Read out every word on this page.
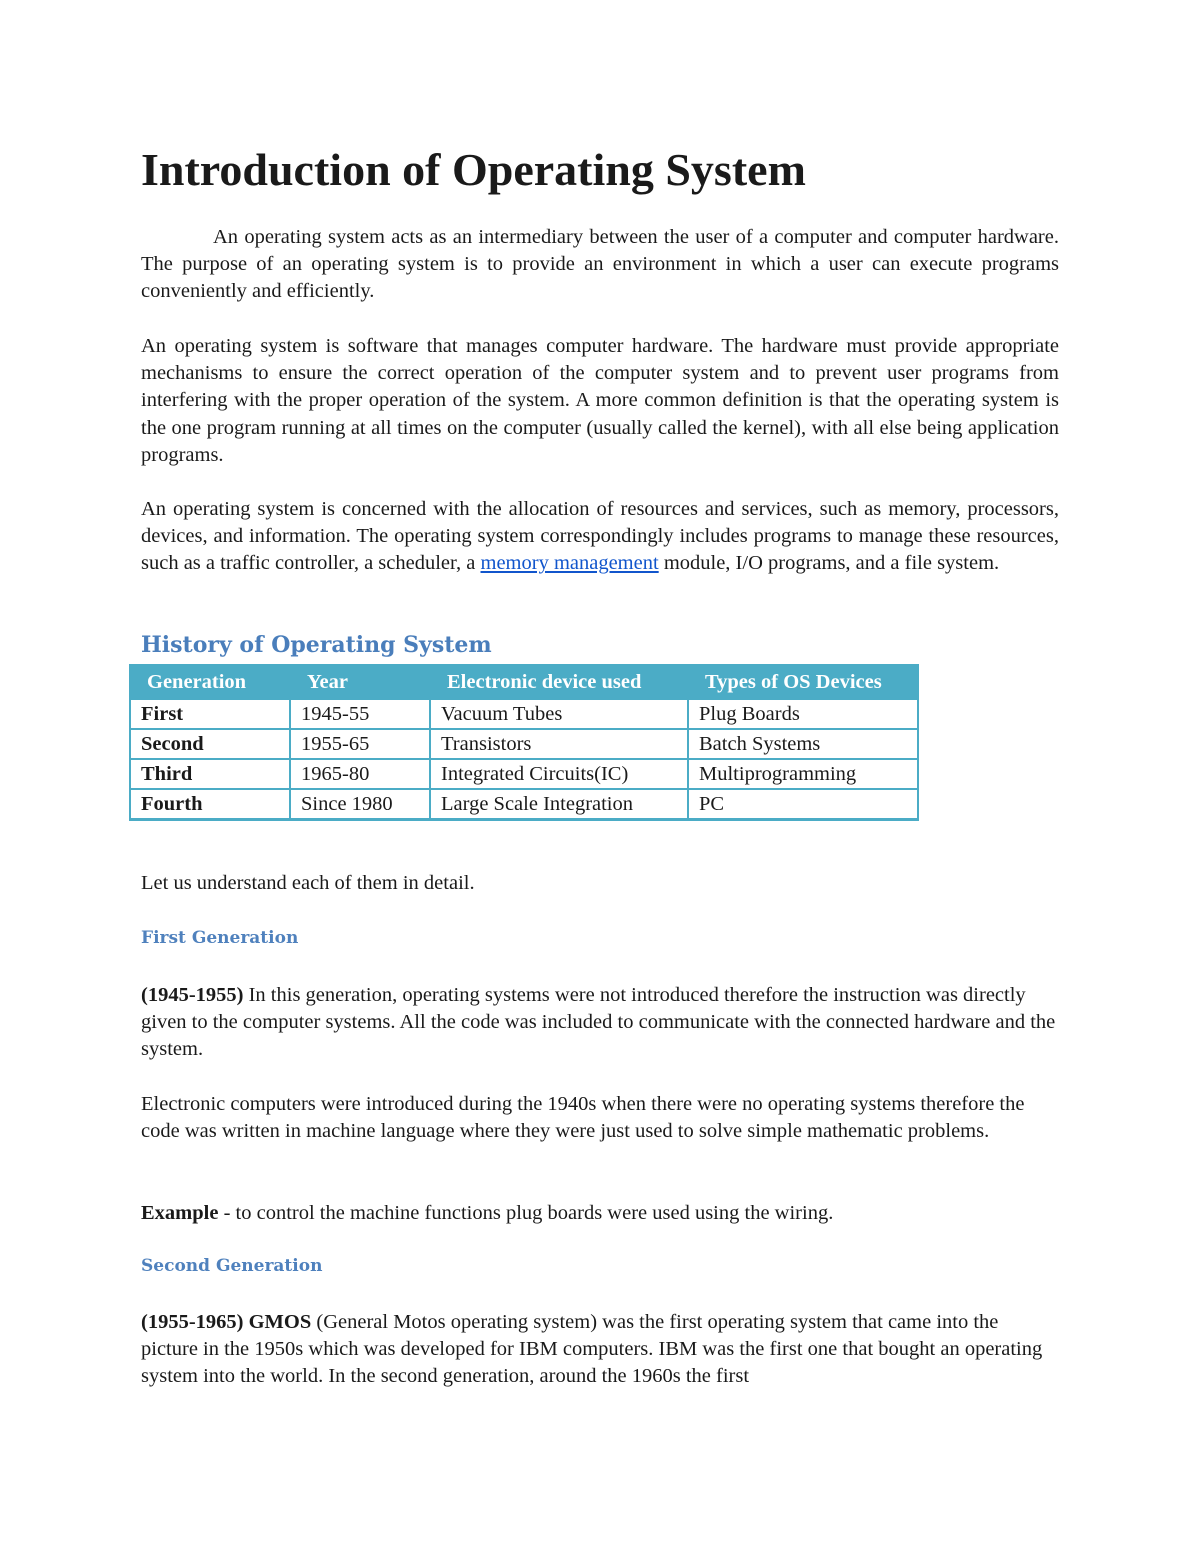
Introduction of Operating System

An operating system acts as an intermediary between the user of a computer and computer hardware. The purpose of an operating system is to provide an environment in which a user can execute programs conveniently and efficiently.

An operating system is software that manages computer hardware. The hardware must provide appropriate mechanisms to ensure the correct operation of the computer system and to prevent user programs from interfering with the proper operation of the system. A more common definition is that the operating system is the one program running at all times on the computer (usually called the kernel), with all else being application programs.

An operating system is concerned with the allocation of resources and services, such as memory, processors, devices, and information. The operating system correspondingly includes programs to manage these resources, such as a traffic controller, a scheduler, a memory management module, I/O programs, and a file system.

History of Operating System
Generation	Year	Electronic device used	Types of OS Devices
First	1945-55	Vacuum Tubes	Plug Boards
Second	1955-65	Transistors	Batch Systems
Third	1965-80	Integrated Circuits(IC)	Multiprogramming
Fourth	Since 1980	Large Scale Integration	PC

Let us understand each of them in detail.

First Generation

(1945-1955) In this generation, operating systems were not introduced therefore the instruction was directly given to the computer systems. All the code was included to communicate with the connected hardware and the system.

Electronic computers were introduced during the 1940s when there were no operating systems therefore the code was written in machine language where they were just used to solve simple mathematic problems.

Example - to control the machine functions plug boards were used using the wiring.

Second Generation

(1955-1965) GMOS (General Motos operating system) was the first operating system that came into the picture in the 1950s which was developed for IBM computers. IBM was the first one that bought an operating system into the world. In the second generation, around the 1960s the first
